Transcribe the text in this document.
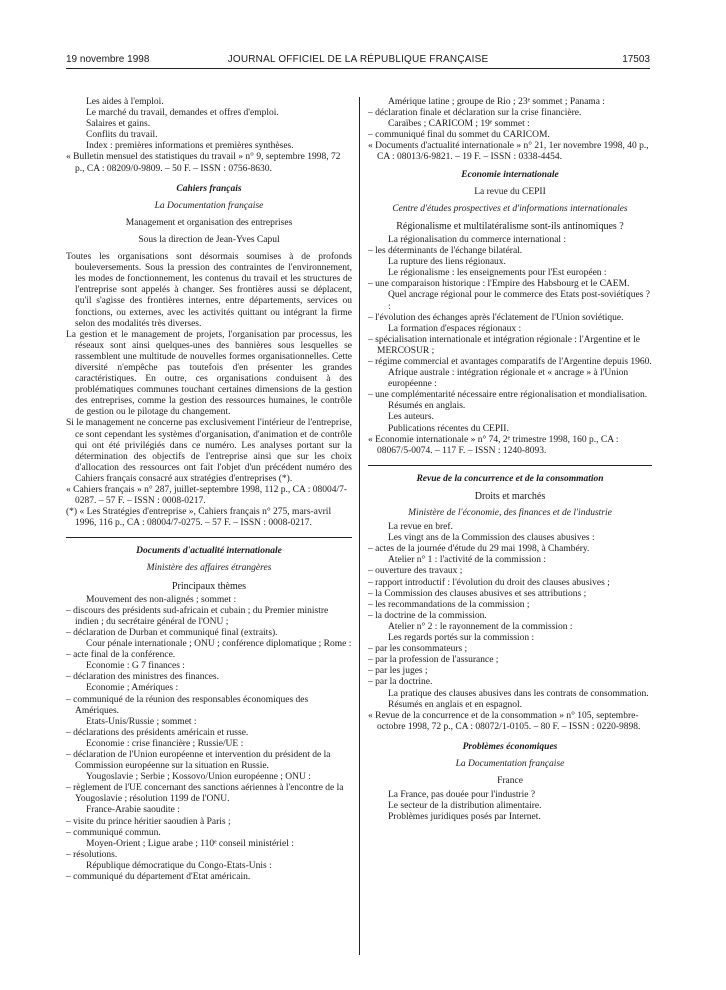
19 novembre 1998	JOURNAL OFFICIEL DE LA RÉPUBLIQUE FRANÇAISE	17503

Les aides à l'emploi.

Le marché du travail, demandes et offres d'emploi.

Salaires et gains.

Conflits du travail.

Index : premières informations et premières synthèses.

« Bulletin mensuel des statistiques du travail » n° 9, septembre 1998, 72 p., CA : 08209/0-9809. – 50 F. – ISSN : 0756-8630.

Cahiers français

La Documentation française

Management et organisation des entreprises

Sous la direction de Jean-Yves Capul

Toutes les organisations sont désormais soumises à de profonds bouleversements. Sous la pression des contraintes de l'environnement, les modes de fonctionnement, les contenus du travail et les structures de l'entreprise sont appelés à changer. Ses frontières aussi se déplacent, qu'il s'agisse des frontières internes, entre départements, services ou fonctions, ou externes, avec les activités quittant ou intégrant la firme selon des modalités très diverses.

La gestion et le management de projets, l'organisation par processus, les réseaux sont ainsi quelques-unes des bannières sous lesquelles se rassemblent une multitude de nouvelles formes organisationnelles. Cette diversité n'empêche pas toutefois d'en présenter les grandes caractéristiques. En outre, ces organisations conduisent à des problématiques communes touchant certaines dimensions de la gestion des entreprises, comme la gestion des ressources humaines, le contrôle de gestion ou le pilotage du changement.

Si le management ne concerne pas exclusivement l'intérieur de l'entreprise, ce sont cependant les systèmes d'organisation, d'animation et de contrôle qui ont été privilégiés dans ce numéro. Les analyses portant sur la détermination des objectifs de l'entreprise ainsi que sur les choix d'allocation des ressources ont fait l'objet d'un précédent numéro des Cahiers français consacré aux stratégies d'entreprises (*).

« Cahiers français » n° 287, juillet-septembre 1998, 112 p., CA : 08004/7-0287. – 57 F. – ISSN : 0008-0217.

(*) « Les Stratégies d'entreprise », Cahiers français n° 275, mars-avril 1996, 116 p., CA : 08004/7-0275. – 57 F. – ISSN : 0008-0217.

Documents d'actualité internationale

Ministère des affaires étrangères

Principaux thèmes

Mouvement des non-alignés ; sommet :

– discours des présidents sud-africain et cubain ; du Premier ministre indien ; du secrétaire général de l'ONU ;

– déclaration de Durban et communiqué final (extraits).

Cour pénale internationale ; ONU ; conférence diplomatique ; Rome :

– acte final de la conférence.

Economie : G 7 finances :

– déclaration des ministres des finances.

Economie ; Amériques :

– communiqué de la réunion des responsables économiques des Amériques.

Etats-Unis/Russie ; sommet :

– déclarations des présidents américain et russe.

Economie : crise financière ; Russie/UE :

– déclaration de l'Union européenne et intervention du président de la Commission européenne sur la situation en Russie.

Yougoslavie ; Serbie ; Kossovo/Union européenne ; ONU :

– règlement de l'UE concernant des sanctions aériennes à l'encontre de la Yougoslavie ; résolution 1199 de l'ONU.

France-Arabie saoudite :

– visite du prince héritier saoudien à Paris ;

– communiqué commun.

Moyen-Orient ; Ligue arabe ; 110ᵉ conseil ministériel :

– résolutions.

République démocratique du Congo-Etats-Unis :

– communiqué du département d'Etat américain.

Amérique latine ; groupe de Rio ; 23ᵉ sommet ; Panama :

– déclaration finale et déclaration sur la crise financière.

Caraïbes ; CARICOM ; 19ᵉ sommet :

– communiqué final du sommet du CARICOM.

« Documents d'actualité internationale » n° 21, 1er novembre 1998, 40 p., CA : 08013/6-9821. – 19 F. – ISSN : 0338-4454.

Economie internationale

La revue du CEPII

Centre d'études prospectives et d'informations internationales

Régionalisme et multilatéralisme sont-ils antinomiques ?

La régionalisation du commerce international :

– les déterminants de l'échange bilatéral.

La rupture des liens régionaux.

Le régionalisme : les enseignements pour l'Est européen :

– une comparaison historique : l'Empire des Habsbourg et le CAEM.

Quel ancrage régional pour le commerce des Etats post-soviétiques ? :

– l'évolution des échanges après l'éclatement de l'Union soviétique.

La formation d'espaces régionaux :

– spécialisation internationale et intégration régionale : l'Argentine et le MERCOSUR ;

– régime commercial et avantages comparatifs de l'Argentine depuis 1960.

Afrique australe : intégration régionale et « ancrage » à l'Union européenne :

– une complémentarité nécessaire entre régionalisation et mondialisation.

Résumés en anglais.

Les auteurs.

Publications récentes du CEPII.

« Economie internationale » n° 74, 2ᵉ trimestre 1998, 160 p., CA : 08067/5-0074. – 117 F. – ISSN : 1240-8093.

Revue de la concurrence et de la consommation

Droits et marchés

Ministère de l'économie, des finances et de l'industrie

La revue en bref.

Les vingt ans de la Commission des clauses abusives :

– actes de la journée d'étude du 29 mai 1998, à Chambéry.

Atelier n° 1 : l'activité de la commission :

– ouverture des travaux ;

– rapport introductif : l'évolution du droit des clauses abusives ;

– la Commission des clauses abusives et ses attributions ;

– les recommandations de la commission ;

– la doctrine de la commission.

Atelier n° 2 : le rayonnement de la commission :

Les regards portés sur la commission :

– par les consommateurs ;

– par la profession de l'assurance ;

– par les juges ;

– par la doctrine.

La pratique des clauses abusives dans les contrats de consommation.

Résumés en anglais et en espagnol.

« Revue de la concurrence et de la consommation » n° 105, septembre-octobre 1998, 72 p., CA : 08072/1-0105. – 80 F. – ISSN : 0220-9898.

Problèmes économiques

La Documentation française

France

La France, pas douée pour l'industrie ?

Le secteur de la distribution alimentaire.

Problèmes juridiques posés par Internet.
